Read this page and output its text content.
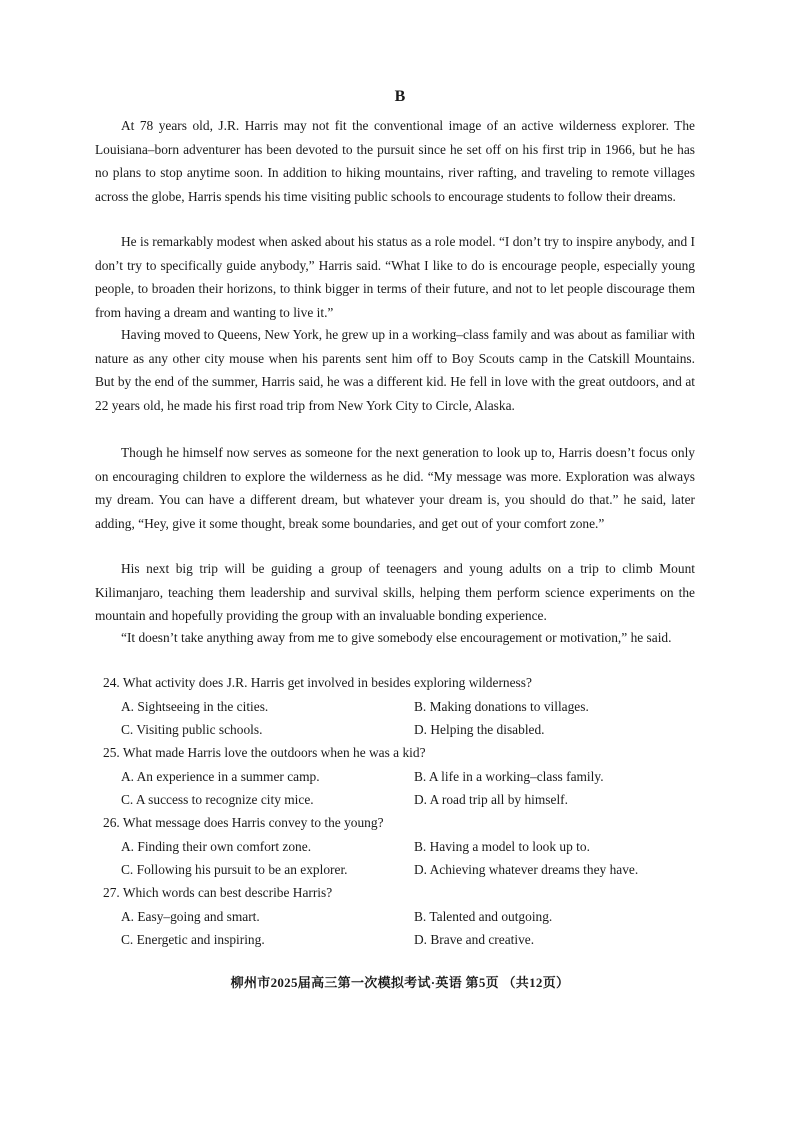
B

At 78 years old, J.R. Harris may not fit the conventional image of an active wilderness explorer. The Louisiana–born adventurer has been devoted to the pursuit since he set off on his first trip in 1966, but he has no plans to stop anytime soon. In addition to hiking mountains, river rafting, and traveling to remote villages across the globe, Harris spends his time visiting public schools to encourage students to follow their dreams.

He is remarkably modest when asked about his status as a role model. “I don’t try to inspire anybody, and I don’t try to specifically guide anybody,” Harris said. “What I like to do is encourage people, especially young people, to broaden their horizons, to think bigger in terms of their future, and not to let people discourage them from having a dream and wanting to live it.”

Having moved to Queens, New York, he grew up in a working–class family and was about as familiar with nature as any other city mouse when his parents sent him off to Boy Scouts camp in the Catskill Mountains. But by the end of the summer, Harris said, he was a different kid. He fell in love with the great outdoors, and at 22 years old, he made his first road trip from New York City to Circle, Alaska.

Though he himself now serves as someone for the next generation to look up to, Harris doesn’t focus only on encouraging children to explore the wilderness as he did. “My message was more. Exploration was always my dream. You can have a different dream, but whatever your dream is, you should do that.” he said, later adding, “Hey, give it some thought, break some boundaries, and get out of your comfort zone.”

His next big trip will be guiding a group of teenagers and young adults on a trip to climb Mount Kilimanjaro, teaching them leadership and survival skills, helping them perform science experiments on the mountain and hopefully providing the group with an invaluable bonding experience.

“It doesn’t take anything away from me to give somebody else encouragement or motivation,” he said.

24. What activity does J.R. Harris get involved in besides exploring wilderness?

A. Sightseeing in the cities.	B. Making donations to villages.

C. Visiting public schools.	D. Helping the disabled.

25. What made Harris love the outdoors when he was a kid?

A. An experience in a summer camp.	B. A life in a working–class family.

C. A success to recognize city mice.	D. A road trip all by himself.

26. What message does Harris convey to the young?

A. Finding their own comfort zone.	B. Having a model to look up to.

C. Following his pursuit to be an explorer.	D. Achieving whatever dreams they have.

27. Which words can best describe Harris?

A. Easy–going and smart.	B. Talented and outgoing.

C. Energetic and inspiring.	D. Brave and creative.

柳州市2025届高三第一次模拟考试·英语 第5页 （共12页）
